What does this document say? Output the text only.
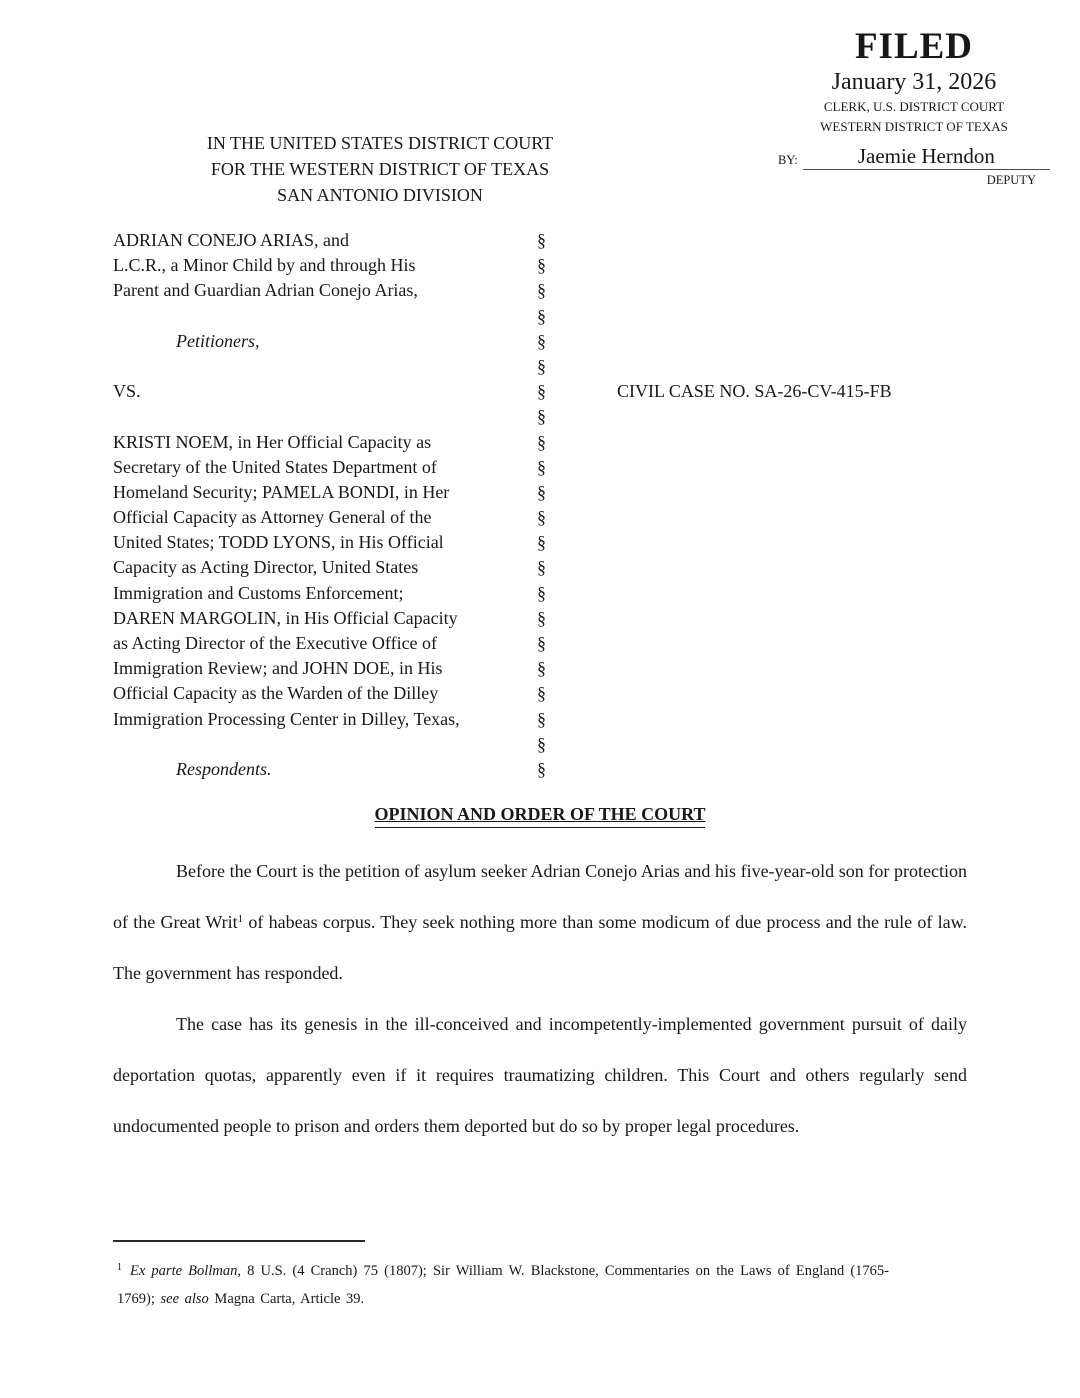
FILED
January 31, 2026
CLERK, U.S. DISTRICT COURT
WESTERN DISTRICT OF TEXAS
BY:	Jaemie Herndon
DEPUTY
IN THE UNITED STATES DISTRICT COURT
FOR THE WESTERN DISTRICT OF TEXAS
SAN ANTONIO DIVISION
ADRIAN CONEJO ARIAS, and	§
L.C.R., a Minor Child by and through His	§
Parent and Guardian Adrian Conejo Arias,	§
§
Petitioners,	§
§
VS.	§	CIVIL CASE NO. SA-26-CV-415-FB
§
KRISTI NOEM, in Her Official Capacity as	§
Secretary of the United States Department of	§
Homeland Security; PAMELA BONDI, in Her	§
Official Capacity as Attorney General of the	§
United States; TODD LYONS, in His Official	§
Capacity as Acting Director, United States	§
Immigration and Customs Enforcement;	§
DAREN MARGOLIN, in His Official Capacity	§
as Acting Director of the Executive Office of	§
Immigration Review; and JOHN DOE, in His	§
Official Capacity as the Warden of the Dilley	§
Immigration Processing Center in Dilley, Texas,	§
§
Respondents.	§
OPINION AND ORDER OF THE COURT

Before the Court is the petition of asylum seeker Adrian Conejo Arias and his five-year-old son for protection of the Great Writ$^1$ of habeas corpus. They seek nothing more than some modicum of due process and the rule of law. The government has responded.

The case has its genesis in the ill-conceived and incompetently-implemented government pursuit of daily deportation quotas, apparently even if it requires traumatizing children. This Court and others regularly send undocumented people to prison and orders them deported but do so by proper legal procedures.

$^1$ Ex parte Bollman, 8 U.S. (4 Cranch) 75 (1807); Sir William W. Blackstone, Commentaries on the Laws of England (1765-1769); see also Magna Carta, Article 39.
